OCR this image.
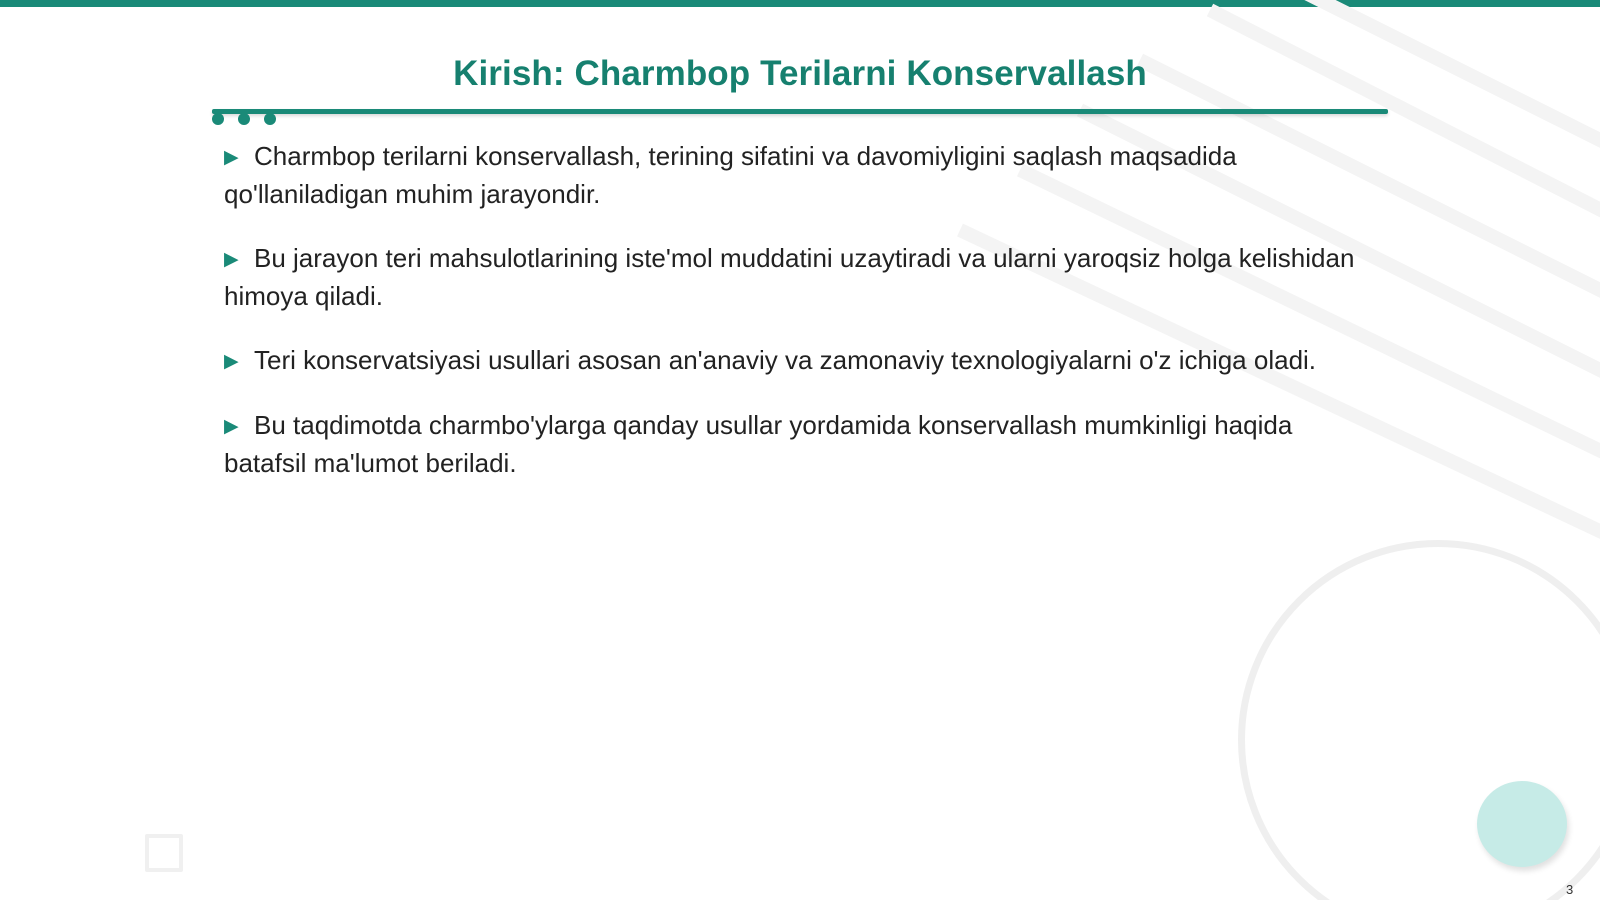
Kirish: Charmbop Terilarni Konservallash
▶ Charmbop terilarni konservallash, terining sifatini va davomiyligini saqlash maqsadida qo'llaniladigan muhim jarayondir.
▶ Bu jarayon teri mahsulotlarining iste'mol muddatini uzaytiradi va ularni yaroqsiz holga kelishidan himoya qiladi.
▶ Teri konservatsiyasi usullari asosan an'anaviy va zamonaviy texnologiyalarni o'z ichiga oladi.
▶ Bu taqdimotda charmbo'ylarga qanday usullar yordamida konservallash mumkinligi haqida batafsil ma'lumot beriladi.
3
